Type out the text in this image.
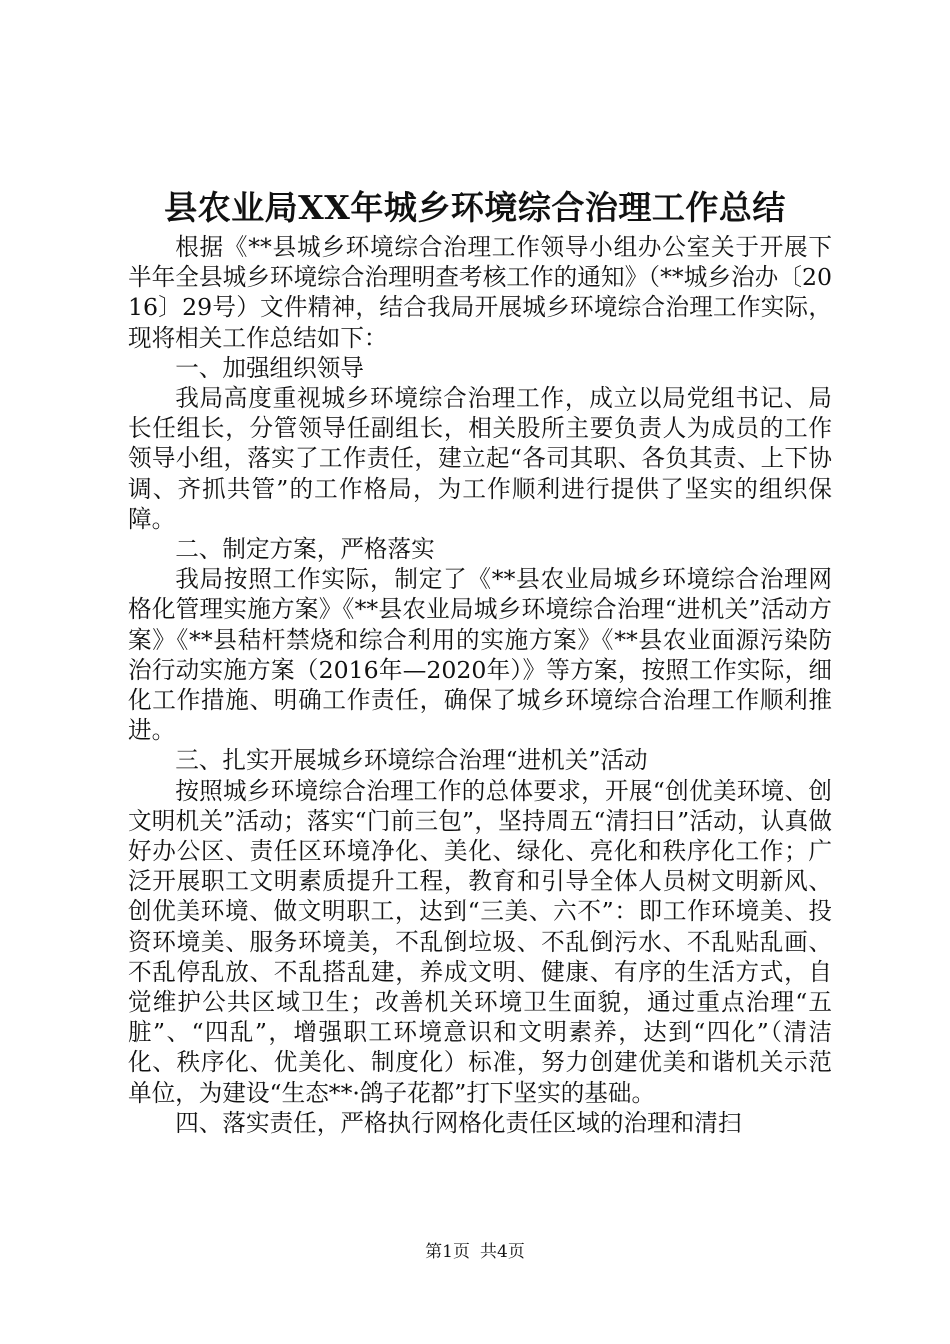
县农业局XX年城乡环境综合治理工作总结

根据《**县城乡环境综合治理工作领导小组办公室关于开展下半年全县城乡环境综合治理明查考核工作的通知》（**城乡治办〔2016〕29号）文件精神，结合我局开展城乡环境综合治理工作实际，现将相关工作总结如下：

一、加强组织领导

我局高度重视城乡环境综合治理工作，成立以局党组书记、局长任组长，分管领导任副组长，相关股所主要负责人为成员的工作领导小组，落实了工作责任，建立起“各司其职、各负其责、上下协调、齐抓共管”的工作格局，为工作顺利进行提供了坚实的组织保障。

二、制定方案，严格落实

我局按照工作实际，制定了《**县农业局城乡环境综合治理网格化管理实施方案》《**县农业局城乡环境综合治理“进机关”活动方案》《**县秸杆禁烧和综合利用的实施方案》《**县农业面源污染防治行动实施方案（2016年—2020年）》等方案，按照工作实际，细化工作措施、明确工作责任，确保了城乡环境综合治理工作顺利推进。

三、扎实开展城乡环境综合治理“进机关”活动

按照城乡环境综合治理工作的总体要求，开展“创优美环境、创文明机关”活动；落实“门前三包”，坚持周五“清扫日”活动，认真做好办公区、责任区环境净化、美化、绿化、亮化和秩序化工作；广泛开展职工文明素质提升工程，教育和引导全体人员树文明新风、创优美环境、做文明职工，达到“三美、六不”：即工作环境美、投资环境美、服务环境美，不乱倒垃圾、不乱倒污水、不乱贴乱画、不乱停乱放、不乱搭乱建，养成文明、健康、有序的生活方式，自觉维护公共区域卫生；改善机关环境卫生面貌，通过重点治理“五脏”、“四乱”，增强职工环境意识和文明素养，达到“四化”（清洁化、秩序化、优美化、制度化）标准，努力创建优美和谐机关示范单位，为建设“生态**·鸽子花都”打下坚实的基础。

四、落实责任，严格执行网格化责任区域的治理和清扫

第1页 共4页
